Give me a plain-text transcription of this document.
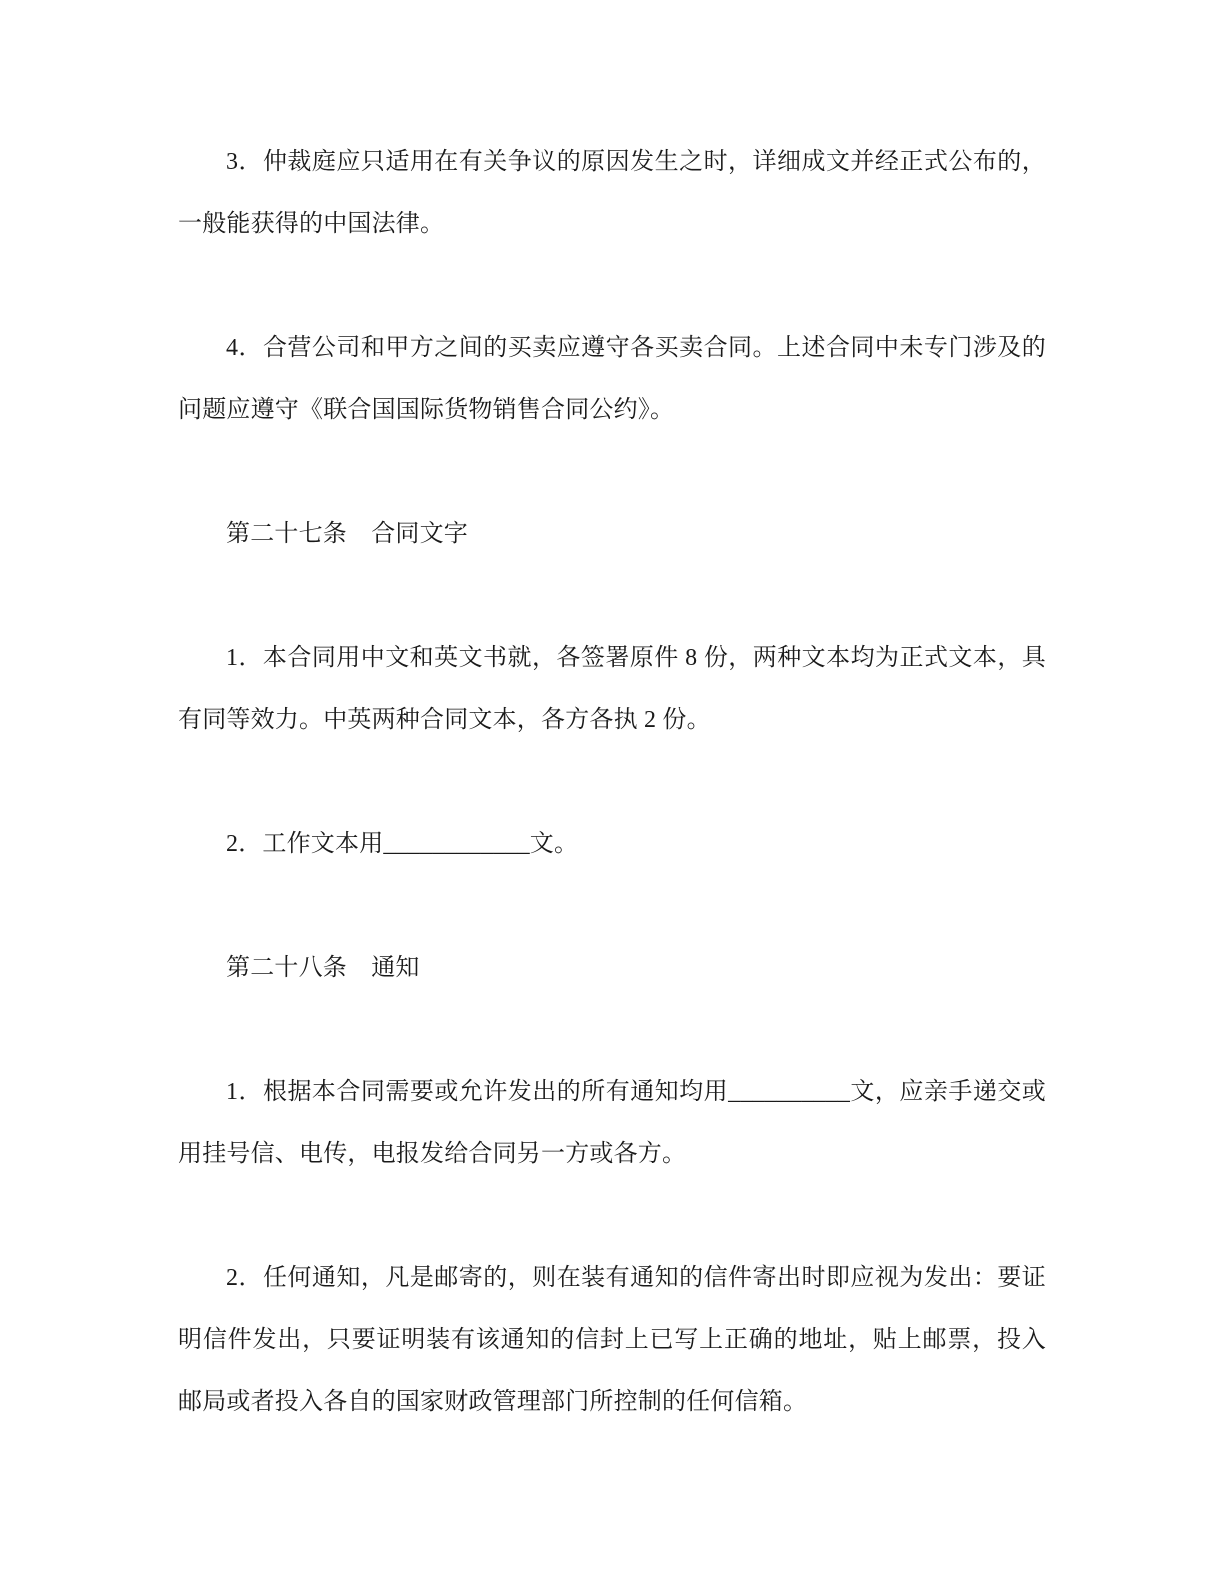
3．仲裁庭应只适用在有关争议的原因发生之时，详细成文并经正式公布的，一般能获得的中国法律。

4．合营公司和甲方之间的买卖应遵守各买卖合同。上述合同中未专门涉及的问题应遵守《联合国国际货物销售合同公约》。

第二十七条　合同文字

1．本合同用中文和英文书就，各签署原件 8 份，两种文本均为正式文本，具有同等效力。中英两种合同文本，各方各执 2 份。

2．工作文本用____________文。

第二十八条　通知

1．根据本合同需要或允许发出的所有通知均用__________文，应亲手递交或用挂号信、电传，电报发给合同另一方或各方。

2．任何通知，凡是邮寄的，则在装有通知的信件寄出时即应视为发出：要证明信件发出，只要证明装有该通知的信封上已写上正确的地址，贴上邮票，投入邮局或者投入各自的国家财政管理部门所控制的任何信箱。
